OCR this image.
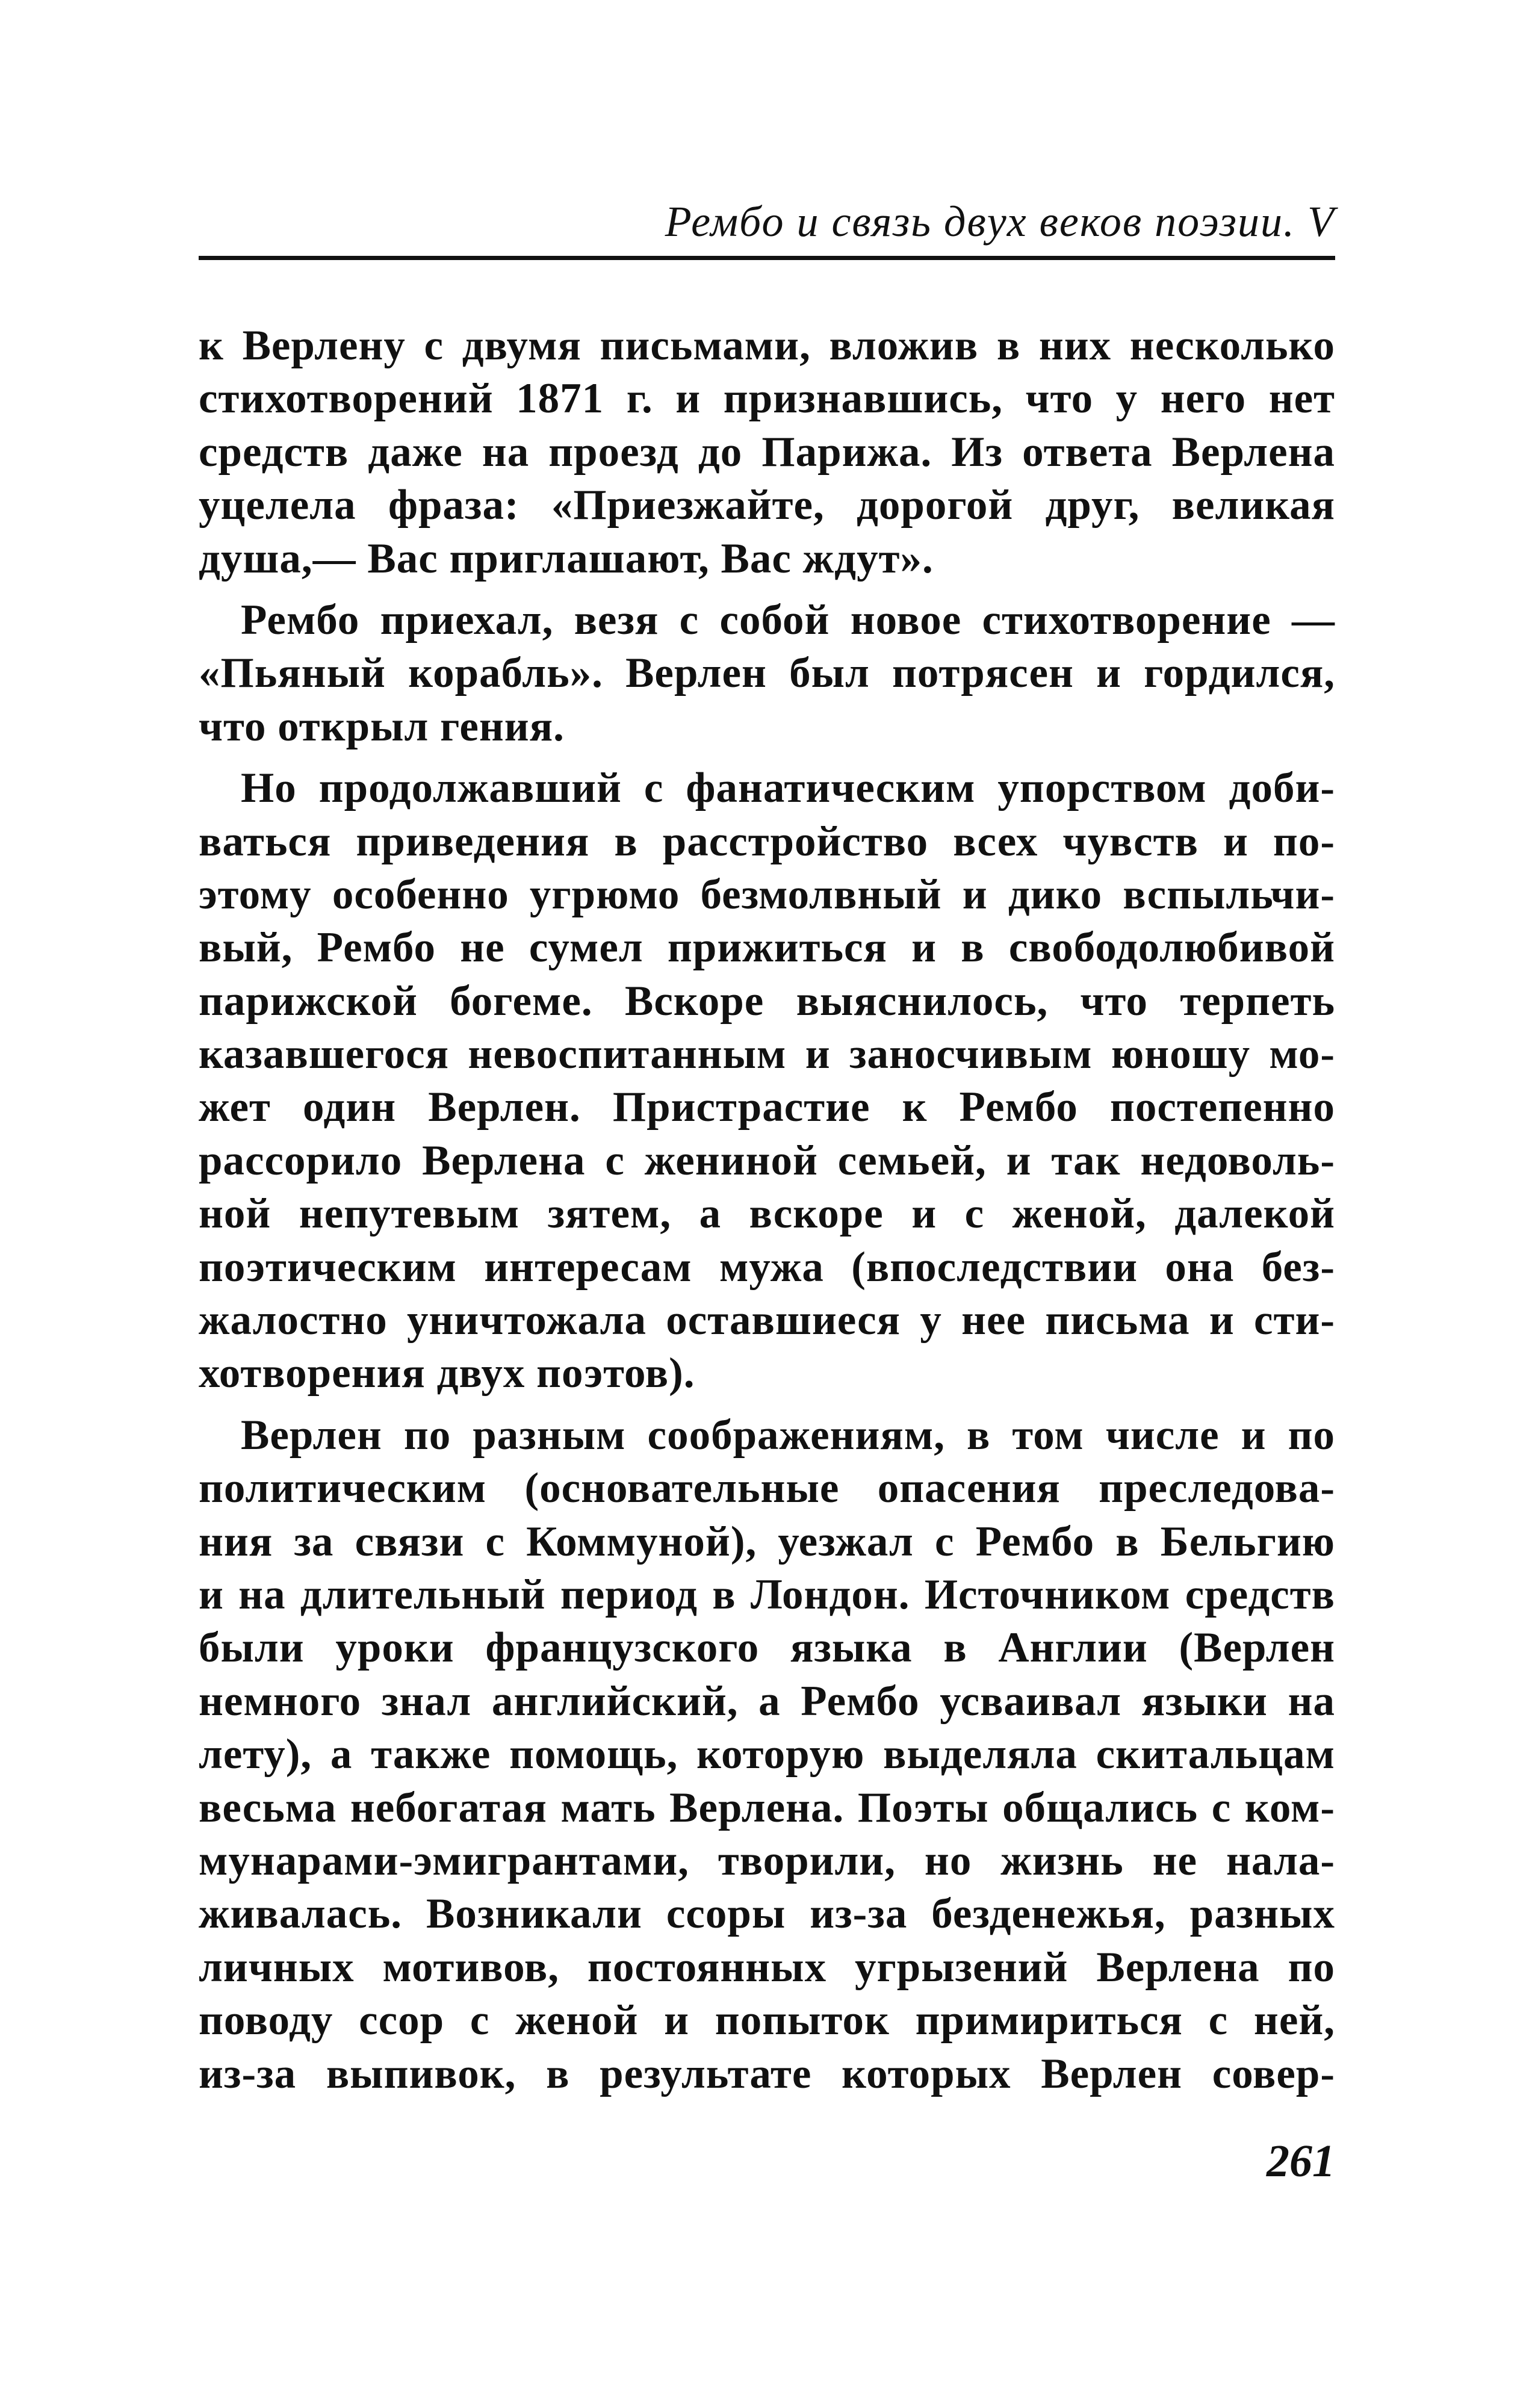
Рембо и связь двух веков поэзии. V
к Верлену с двумя письмами, вложив в них несколько
стихотворений 1871 г. и признавшись, что у него нет
средств даже на проезд до Парижа. Из ответа Верлена
уцелела фраза: «Приезжайте, дорогой друг, великая
душа,— Вас приглашают, Вас ждут».
Рембо приехал, везя с собой новое стихотворение —
«Пьяный корабль». Верлен был потрясен и гордился,
что открыл гения.
Но продолжавший с фанатическим упорством доби-
ваться приведения в расстройство всех чувств и по-
этому особенно угрюмо безмолвный и дико вспыльчи-
вый, Рембо не сумел прижиться и в свободолюбивой
парижской богеме. Вскоре выяснилось, что терпеть
казавшегося невоспитанным и заносчивым юношу мо-
жет один Верлен. Пристрастие к Рембо постепенно
рассорило Верлена с жениной семьей, и так недоволь-
ной непутевым зятем, а вскоре и с женой, далекой
поэтическим интересам мужа (впоследствии она без-
жалостно уничтожала оставшиеся у нее письма и сти-
хотворения двух поэтов).
Верлен по разным соображениям, в том числе и по
политическим (основательные опасения преследова-
ния за связи с Коммуной), уезжал с Рембо в Бельгию
и на длительный период в Лондон. Источником средств
были уроки французского языка в Англии (Верлен
немного знал английский, а Рембо усваивал языки на
лету), а также помощь, которую выделяла скитальцам
весьма небогатая мать Верлена. Поэты общались с ком-
мунарами-эмигрантами, творили, но жизнь не нала-
живалась. Возникали ссоры из-за безденежья, разных
личных мотивов, постоянных угрызений Верлена по
поводу ссор с женой и попыток примириться с ней,
из-за выпивок, в результате которых Верлен совер-
261
